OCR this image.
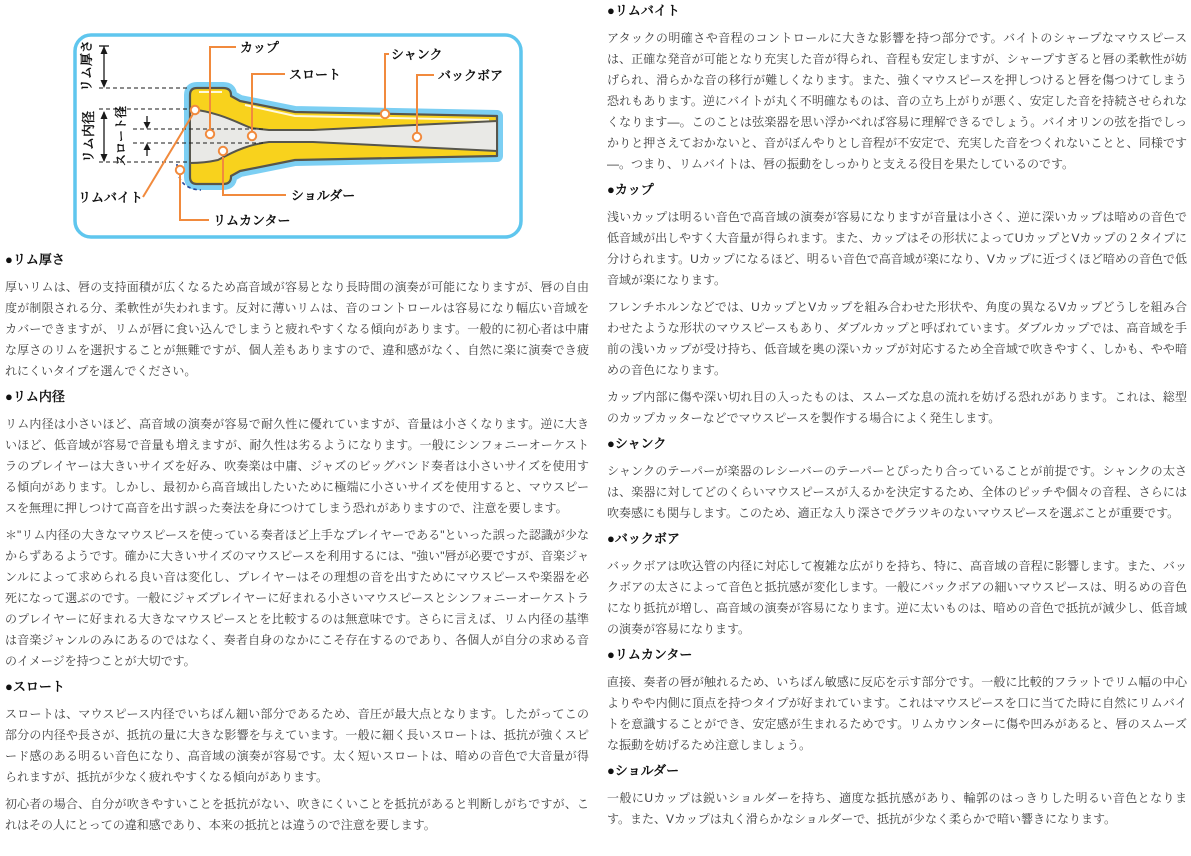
カップ
スロート
シャンク
バックボア
リムバイト
リムカンター
ショルダー
リム厚さ
リム内径 スロート径
●リム厚さ

厚いリムは、唇の支持面積が広くなるため高音域が容易となり長時間の演奏が可能になりますが、唇の自由度が制限される分、柔軟性が失われます。反対に薄いリムは、音のコントロールは容易になり幅広い音域をカバーできますが、リムが唇に食い込んでしまうと疲れやすくなる傾向があります。一般的に初心者は中庸な厚さのリムを選択することが無難ですが、個人差もありますので、違和感がなく、自然に楽に演奏でき疲れにくいタイプを選んでください。

●リム内径

リム内径は小さいほど、高音域の演奏が容易で耐久性に優れていますが、音量は小さくなります。逆に大きいほど、低音域が容易で音量も増えますが、耐久性は劣るようになります。一般にシンフォニーオーケストラのプレイヤーは大きいサイズを好み、吹奏楽は中庸、ジャズのビッグバンド奏者は小さいサイズを使用する傾向があります。しかし、最初から高音域出したいために極端に小さいサイズを使用すると、マウスピースを無理に押しつけて高音を出す誤った奏法を身につけてしまう恐れがありますので、注意を要します。

＊"リム内径の大きなマウスピースを使っている奏者ほど上手なプレイヤーである"といった誤った認識が少なからずあるようです。確かに大きいサイズのマウスピースを利用するには、"強い"唇が必要ですが、音楽ジャンルによって求められる良い音は変化し、プレイヤーはその理想の音を出すためにマウスピースや楽器を必死になって選ぶのです。一般にジャズプレイヤーに好まれる小さいマウスピースとシンフォニーオーケストラのプレイヤーに好まれる大きなマウスピースとを比較するのは無意味です。さらに言えば、リム内径の基準は音楽ジャンルのみにあるのではなく、奏者自身のなかにこそ存在するのであり、各個人が自分の求める音のイメージを持つことが大切です。

●スロート

スロートは、マウスピース内径でいちばん細い部分であるため、音圧が最大点となります。したがってこの部分の内径や長さが、抵抗の量に大きな影響を与えています。一般に細く長いスロートは、抵抗が強くスピード感のある明るい音色になり、高音域の演奏が容易です。太く短いスロートは、暗めの音色で大音量が得られますが、抵抗が少なく疲れやすくなる傾向があります。

初心者の場合、自分が吹きやすいことを抵抗がない、吹きにくいことを抵抗があると判断しがちですが、これはその人にとっての違和感であり、本来の抵抗とは違うので注意を要します。

●リムバイト

アタックの明確さや音程のコントロールに大きな影響を持つ部分です。バイトのシャープなマウスピースは、正確な発音が可能となり充実した音が得られ、音程も安定しますが、シャープすぎると唇の柔軟性が妨げられ、滑らかな音の移行が難しくなります。また、強くマウスピースを押しつけると唇を傷つけてしまう恐れもあります。逆にバイトが丸く不明確なものは、音の立ち上がりが悪く、安定した音を持続させられなくなります―。このことは弦楽器を思い浮かべれば容易に理解できるでしょう。バイオリンの弦を指でしっかりと押さえておかないと、音がぼんやりとし音程が不安定で、充実した音をつくれないことと、同様です―。つまり、リムバイトは、唇の振動をしっかりと支える役目を果たしているのです。

●カップ

浅いカップは明るい音色で高音域の演奏が容易になりますが音量は小さく、逆に深いカップは暗めの音色で低音域が出しやすく大音量が得られます。また、カップはその形状によってUカップとVカップの２タイプに分けられます。Uカップになるほど、明るい音色で高音域が楽になり、Vカップに近づくほど暗めの音色で低音域が楽になります。

フレンチホルンなどでは、UカップとVカップを組み合わせた形状や、角度の異なるVカップどうしを組み合わせたような形状のマウスピースもあり、ダブルカップと呼ばれています。ダブルカップでは、高音域を手前の浅いカップが受け持ち、低音域を奥の深いカップが対応するため全音域で吹きやすく、しかも、やや暗めの音色になります。

カップ内部に傷や深い切れ目の入ったものは、スムーズな息の流れを妨げる恐れがあります。これは、総型のカップカッターなどでマウスピースを製作する場合によく発生します。

●シャンク

シャンクのテーパーが楽器のレシーバーのテーパーとぴったり合っていることが前提です。シャンクの太さは、楽器に対してどのくらいマウスピースが入るかを決定するため、全体のピッチや個々の音程、さらには吹奏感にも関与します。このため、適正な入り深さでグラツキのないマウスピースを選ぶことが重要です。

●バックボア

バックボアは吹込管の内径に対応して複雑な広がりを持ち、特に、高音域の音程に影響します。また、バックボアの太さによって音色と抵抗感が変化します。一般にバックボアの細いマウスピースは、明るめの音色になり抵抗が増し、高音域の演奏が容易になります。逆に太いものは、暗めの音色で抵抗が減少し、低音域の演奏が容易になります。

●リムカンター

直接、奏者の唇が触れるため、いちばん敏感に反応を示す部分です。一般に比較的フラットでリム幅の中心よりやや内側に頂点を持つタイプが好まれています。これはマウスピースを口に当てた時に自然にリムバイトを意識することができ、安定感が生まれるためです。リムカウンターに傷や凹みがあると、唇のスムーズな振動を妨げるため注意しましょう。

●ショルダー

一般にUカップは鋭いショルダーを持ち、適度な抵抗感があり、輪郭のはっきりした明るい音色となります。また、Vカップは丸く滑らかなショルダーで、抵抗が少なく柔らかで暗い響きになります。
